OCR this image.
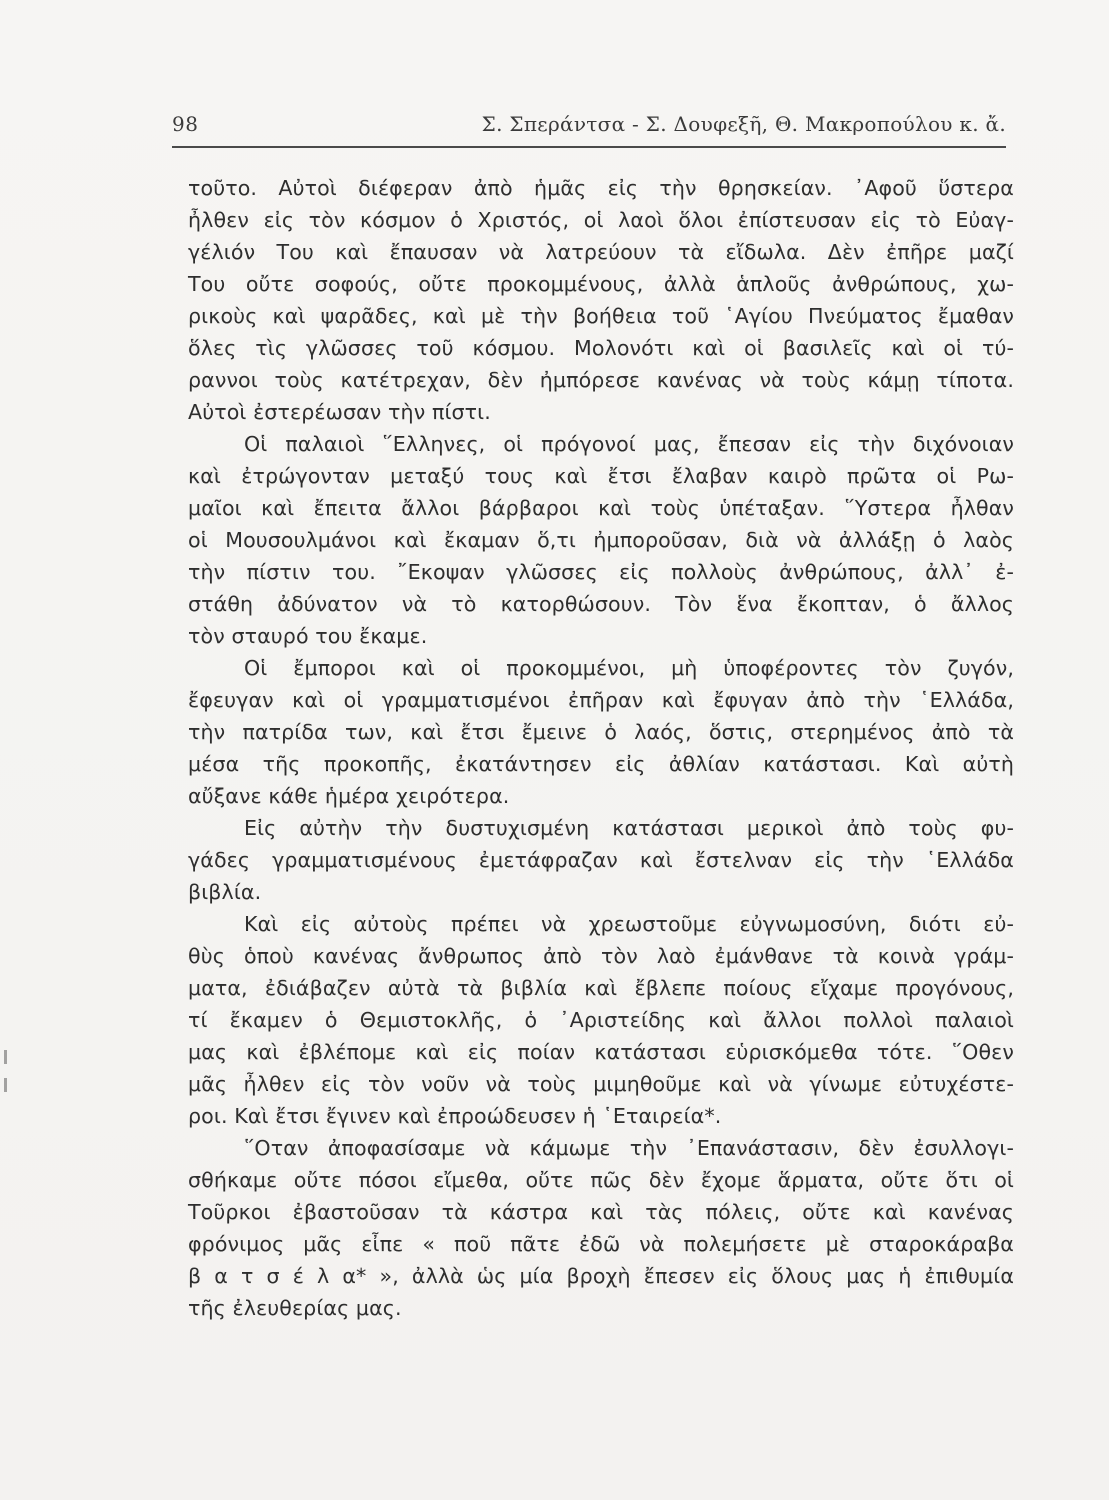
98	Σ. Σπεράντσα - Σ. Δουφεξῆ, Θ. Μακροπούλου κ. ἄ.
τοῦτο. Αὐτοὶ διέφεραν ἀπὸ ἡμᾶς εἰς τὴν θρησκείαν. ᾿Αφοῦ ὕστερα
ἦλθεν εἰς τὸν κόσμον ὁ Χριστός, οἱ λαοὶ ὅλοι ἐπίστευσαν εἰς τὸ Εὐαγ-
γέλιόν Του καὶ ἔπαυσαν νὰ λατρεύουν τὰ εἴδωλα. Δὲν ἐπῆρε μαζί
Του οὔτε σοφούς, οὔτε προκομμένους, ἀλλὰ ἁπλοῦς ἀνθρώπους, χω-
ρικοὺς καὶ ψαρᾶδες, καὶ μὲ τὴν βοήθεια τοῦ ῾Αγίου Πνεύματος ἔμαθαν
ὅλες τὶς γλῶσσες τοῦ κόσμου. Μολονότι καὶ οἱ βασιλεῖς καὶ οἱ τύ-
ραννοι τοὺς κατέτρεχαν, δὲν ἠμπόρεσε κανένας νὰ τοὺς κάμῃ τίποτα.
Αὐτοὶ ἐστερέωσαν τὴν πίστι.
Οἱ παλαιοὶ ῞Ελληνες, οἱ πρόγονοί μας, ἔπεσαν εἰς τὴν διχόνοιαν
καὶ ἐτρώγονταν μεταξύ τους καὶ ἔτσι ἔλαβαν καιρὸ πρῶτα οἱ Ρω-
μαῖοι καὶ ἔπειτα ἄλλοι βάρβαροι καὶ τοὺς ὑπέταξαν. ῞Υστερα ἦλθαν
οἱ Μουσουλμάνοι καὶ ἔκαμαν ὅ,τι ἠμποροῦσαν, διὰ νὰ ἀλλάξῃ ὁ λαὸς
τὴν πίστιν του. ῎Εκοψαν γλῶσσες εἰς πολλοὺς ἀνθρώπους, ἀλλ᾿ ἐ-
στάθη ἀδύνατον νὰ τὸ κατορθώσουν. Τὸν ἕνα ἔκοπταν, ὁ ἄλλος
τὸν σταυρό του ἔκαμε.
Οἱ ἔμποροι καὶ οἱ προκομμένοι, μὴ ὑποφέροντες τὸν ζυγόν,
ἔφευγαν καὶ οἱ γραμματισμένοι ἐπῆραν καὶ ἔφυγαν ἀπὸ τὴν ῾Ελλάδα,
τὴν πατρίδα των, καὶ ἔτσι ἔμεινε ὁ λαός, ὅστις, στερημένος ἀπὸ τὰ
μέσα τῆς προκοπῆς, ἐκατάντησεν εἰς ἀθλίαν κατάστασι. Καὶ αὐτὴ
αὔξανε κάθε ἡμέρα χειρότερα.
Εἰς αὐτὴν τὴν δυστυχισμένη κατάστασι μερικοὶ ἀπὸ τοὺς φυ-
γάδες γραμματισμένους ἐμετάφραζαν καὶ ἔστελναν εἰς τὴν ῾Ελλάδα
βιβλία.
Καὶ εἰς αὐτοὺς πρέπει νὰ χρεωστοῦμε εὐγνωμοσύνη, διότι εὐ-
θὺς ὁποὺ κανένας ἄνθρωπος ἀπὸ τὸν λαὸ ἐμάνθανε τὰ κοινὰ γράμ-
ματα, ἐδιάβαζεν αὐτὰ τὰ βιβλία καὶ ἔβλεπε ποίους εἴχαμε προγόνους,
τί ἔκαμεν ὁ Θεμιστοκλῆς, ὁ ᾿Αριστείδης καὶ ἄλλοι πολλοὶ παλαιοὶ
μας καὶ ἐβλέπομε καὶ εἰς ποίαν κατάστασι εὑρισκόμεθα τότε. ῞Οθεν
μᾶς ἦλθεν εἰς τὸν νοῦν νὰ τοὺς μιμηθοῦμε καὶ νὰ γίνωμε εὐτυχέστε-
ροι. Καὶ ἔτσι ἔγινεν καὶ ἐπροώδευσεν ἡ ῾Εταιρεία*.
῞Οταν ἀποφασίσαμε νὰ κάμωμε τὴν ᾿Επανάστασιν, δὲν ἐσυλλογι-
σθήκαμε οὔτε πόσοι εἴμεθα, οὔτε πῶς δὲν ἔχομε ἅρματα, οὔτε ὅτι οἱ
Τοῦρκοι ἐβαστοῦσαν τὰ κάστρα καὶ τὰς πόλεις, οὔτε καὶ κανένας
φρόνιμος μᾶς εἶπε « ποῦ πᾶτε ἐδῶ νὰ πολεμήσετε μὲ σταροκάραβα
β α τ σ έ λ α* », ἀλλὰ ὡς μία βροχὴ ἔπεσεν εἰς ὅλους μας ἡ ἐπιθυμία
τῆς ἐλευθερίας μας.
